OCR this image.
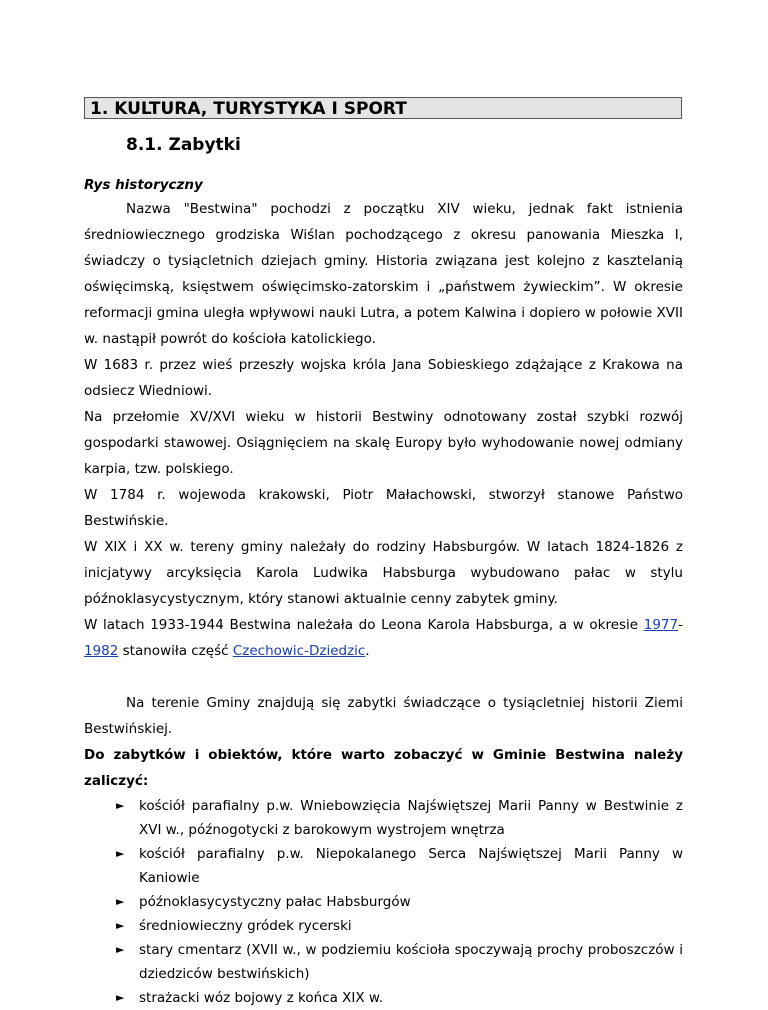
1. KULTURA, TURYSTYKA I SPORT
8.1. Zabytki
Rys historyczny

Nazwa "Bestwina" pochodzi z początku XIV wieku, jednak fakt istnienia średniowiecznego grodziska Wiślan pochodzącego z okresu panowania Mieszka I, świadczy o tysiącletnich dziejach gminy. Historia związana jest kolejno z kasztelanią oświęcimską, księstwem oświęcimsko-zatorskim i „państwem żywieckim”. W okresie reformacji gmina uległa wpływowi nauki Lutra, a potem Kalwina i dopiero w połowie XVII w. nastąpił powrót do kościoła katolickiego.

W 1683 r. przez wieś przeszły wojska króla Jana Sobieskiego zdążające z Krakowa na odsiecz Wiedniowi.

Na przełomie XV/XVI wieku w historii Bestwiny odnotowany został szybki rozwój gospodarki stawowej. Osiągnięciem na skalę Europy było wyhodowanie nowej odmiany karpia, tzw. polskiego.

W 1784 r. wojewoda krakowski, Piotr Małachowski, stworzył stanowe Państwo Bestwińskie.

W XIX i XX w. tereny gminy należały do rodziny Habsburgów. W latach 1824-1826 z inicjatywy arcyksięcia Karola Ludwika Habsburga wybudowano pałac w stylu późnoklasycystycznym, który stanowi aktualnie cenny zabytek gminy.

W latach 1933-1944 Bestwina należała do Leona Karola Habsburga, a w okresie 1977-1982 stanowiła część Czechowic-Dziedzic.

Na terenie Gminy znajdują się zabytki świadczące o tysiącletniej historii Ziemi Bestwińskiej.

Do zabytków i obiektów, które warto zobaczyć w Gminie Bestwina należy zaliczyć:

► kościół parafialny p.w. Wniebowzięcia Najświętszej Marii Panny w Bestwinie z XVI w., późnogotycki z barokowym wystrojem wnętrza
► kościół parafialny p.w. Niepokalanego Serca Najświętszej Marii Panny w Kaniowie
► późnoklasycystyczny pałac Habsburgów
► średniowieczny gródek rycerski
► stary cmentarz (XVII w., w podziemiu kościoła spoczywają prochy proboszczów i dziedziców bestwińskich)
► strażacki wóz bojowy z końca XIX w.
